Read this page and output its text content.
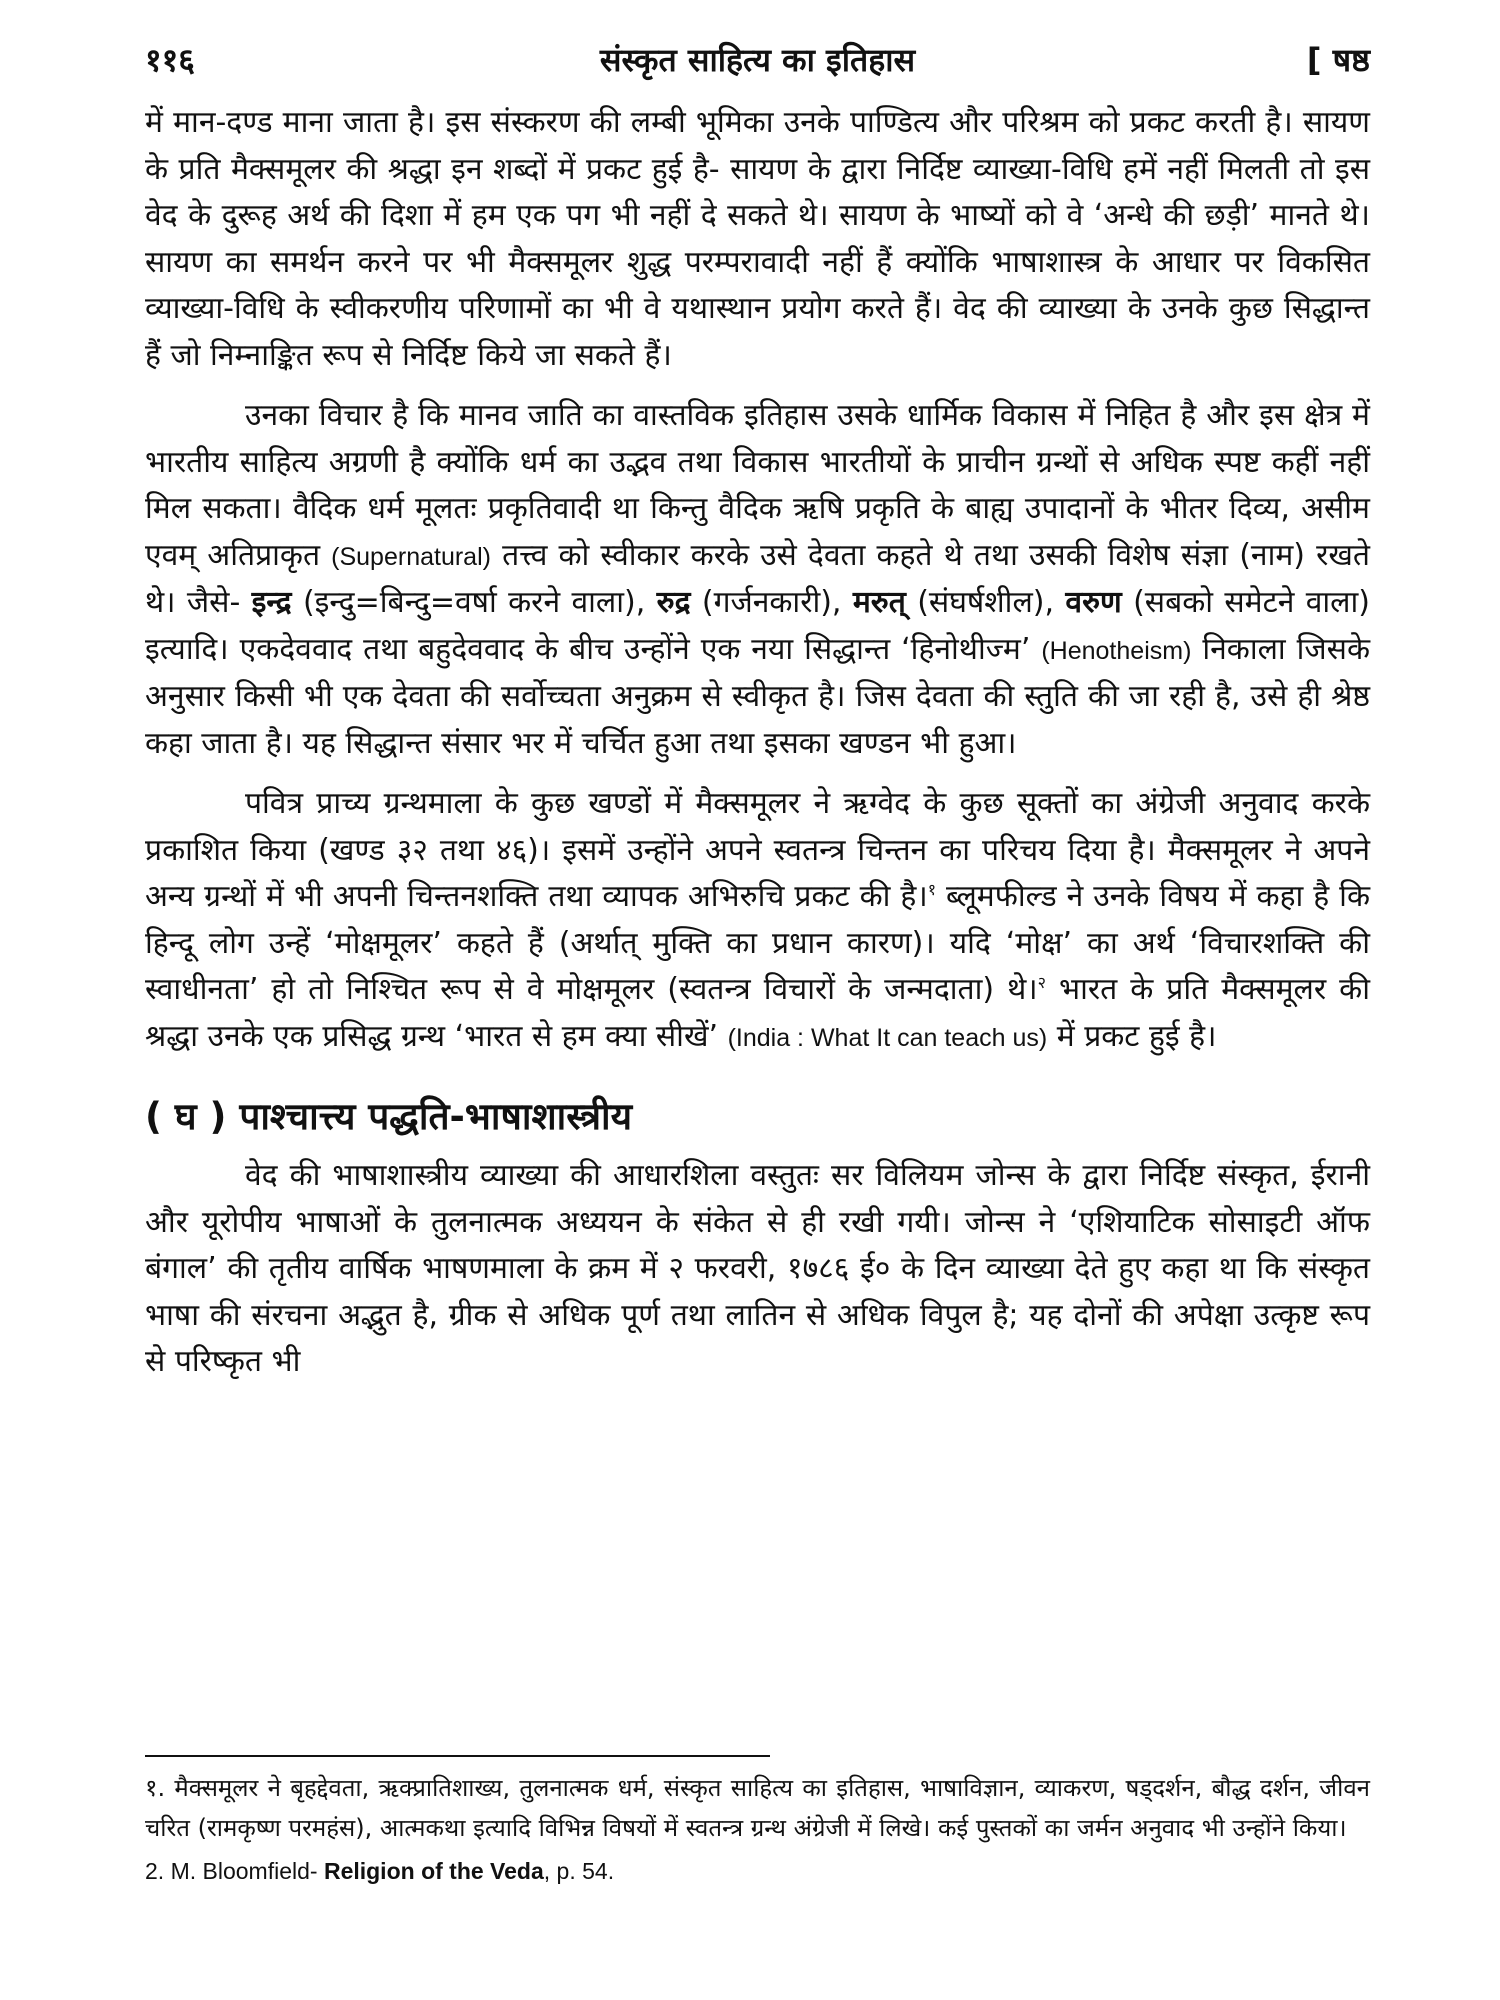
११६	संस्कृत साहित्य का इतिहास	[ षष्ठ

में मान-दण्ड माना जाता है। इस संस्करण की लम्बी भूमिका उनके पाण्डित्य और परिश्रम को प्रकट करती है। सायण के प्रति मैक्समूलर की श्रद्धा इन शब्दों में प्रकट हुई है- सायण के द्वारा निर्दिष्ट व्याख्या-विधि हमें नहीं मिलती तो इस वेद के दुरूह अर्थ की दिशा में हम एक पग भी नहीं दे सकते थे। सायण के भाष्यों को वे ‘अन्धे की छड़ी’ मानते थे। सायण का समर्थन करने पर भी मैक्समूलर शुद्ध परम्परावादी नहीं हैं क्योंकि भाषाशास्त्र के आधार पर विकसित व्याख्या-विधि के स्वीकरणीय परिणामों का भी वे यथास्थान प्रयोग करते हैं। वेद की व्याख्या के उनके कुछ सिद्धान्त हैं जो निम्नाङ्कित रूप से निर्दिष्ट किये जा सकते हैं।

उनका विचार है कि मानव जाति का वास्तविक इतिहास उसके धार्मिक विकास में निहित है और इस क्षेत्र में भारतीय साहित्य अग्रणी है क्योंकि धर्म का उद्भव तथा विकास भारतीयों के प्राचीन ग्रन्थों से अधिक स्पष्ट कहीं नहीं मिल सकता। वैदिक धर्म मूलतः प्रकृतिवादी था किन्तु वैदिक ऋषि प्रकृति के बाह्य उपादानों के भीतर दिव्य, असीम एवम् अतिप्राकृत (Supernatural) तत्त्व को स्वीकार करके उसे देवता कहते थे तथा उसकी विशेष संज्ञा (नाम) रखते थे। जैसे- इन्द्र (इन्दु=बिन्दु=वर्षा करने वाला), रुद्र (गर्जनकारी), मरुत् (संघर्षशील), वरुण (सबको समेटने वाला) इत्यादि। एकदेववाद तथा बहुदेववाद के बीच उन्होंने एक नया सिद्धान्त ‘हिनोथीज्म’ (Henotheism) निकाला जिसके अनुसार किसी भी एक देवता की सर्वोच्चता अनुक्रम से स्वीकृत है। जिस देवता की स्तुति की जा रही है, उसे ही श्रेष्ठ कहा जाता है। यह सिद्धान्त संसार भर में चर्चित हुआ तथा इसका खण्डन भी हुआ।

पवित्र प्राच्य ग्रन्थमाला के कुछ खण्डों में मैक्समूलर ने ऋग्वेद के कुछ सूक्तों का अंग्रेजी अनुवाद करके प्रकाशित किया (खण्ड ३२ तथा ४६)। इसमें उन्होंने अपने स्वतन्त्र चिन्तन का परिचय दिया है। मैक्समूलर ने अपने अन्य ग्रन्थों में भी अपनी चिन्तनशक्ति तथा व्यापक अभिरुचि प्रकट की है।$^१$ ब्लूमफील्ड ने उनके विषय में कहा है कि हिन्दू लोग उन्हें ‘मोक्षमूलर’ कहते हैं (अर्थात् मुक्ति का प्रधान कारण)। यदि ‘मोक्ष’ का अर्थ ‘विचारशक्ति की स्वाधीनता’ हो तो निश्चित रूप से वे मोक्षमूलर (स्वतन्त्र विचारों के जन्मदाता) थे।$^२$ भारत के प्रति मैक्समूलर की श्रद्धा उनके एक प्रसिद्ध ग्रन्थ ‘भारत से हम क्या सीखें’ (India : What It can teach us) में प्रकट हुई है।

( घ ) पाश्चात्त्य पद्धति-भाषाशास्त्रीय

वेद की भाषाशास्त्रीय व्याख्या की आधारशिला वस्तुतः सर विलियम जोन्स के द्वारा निर्दिष्ट संस्कृत, ईरानी और यूरोपीय भाषाओं के तुलनात्मक अध्ययन के संकेत से ही रखी गयी। जोन्स ने ‘एशियाटिक सोसाइटी ऑफ बंगाल’ की तृतीय वार्षिक भाषणमाला के क्रम में २ फरवरी, १७८६ ई० के दिन व्याख्या देते हुए कहा था कि संस्कृत भाषा की संरचना अद्भुत है, ग्रीक से अधिक पूर्ण तथा लातिन से अधिक विपुल है; यह दोनों की अपेक्षा उत्कृष्ट रूप से परिष्कृत भी

१. मैक्समूलर ने बृहद्देवता, ऋक्प्रातिशाख्य, तुलनात्मक धर्म, संस्कृत साहित्य का इतिहास, भाषाविज्ञान, व्याकरण, षड्दर्शन, बौद्ध दर्शन, जीवन चरित (रामकृष्ण परमहंस), आत्मकथा इत्यादि विभिन्न विषयों में स्वतन्त्र ग्रन्थ अंग्रेजी में लिखे। कई पुस्तकों का जर्मन अनुवाद भी उन्होंने किया।

2. M. Bloomfield- Religion of the Veda, p. 54.
